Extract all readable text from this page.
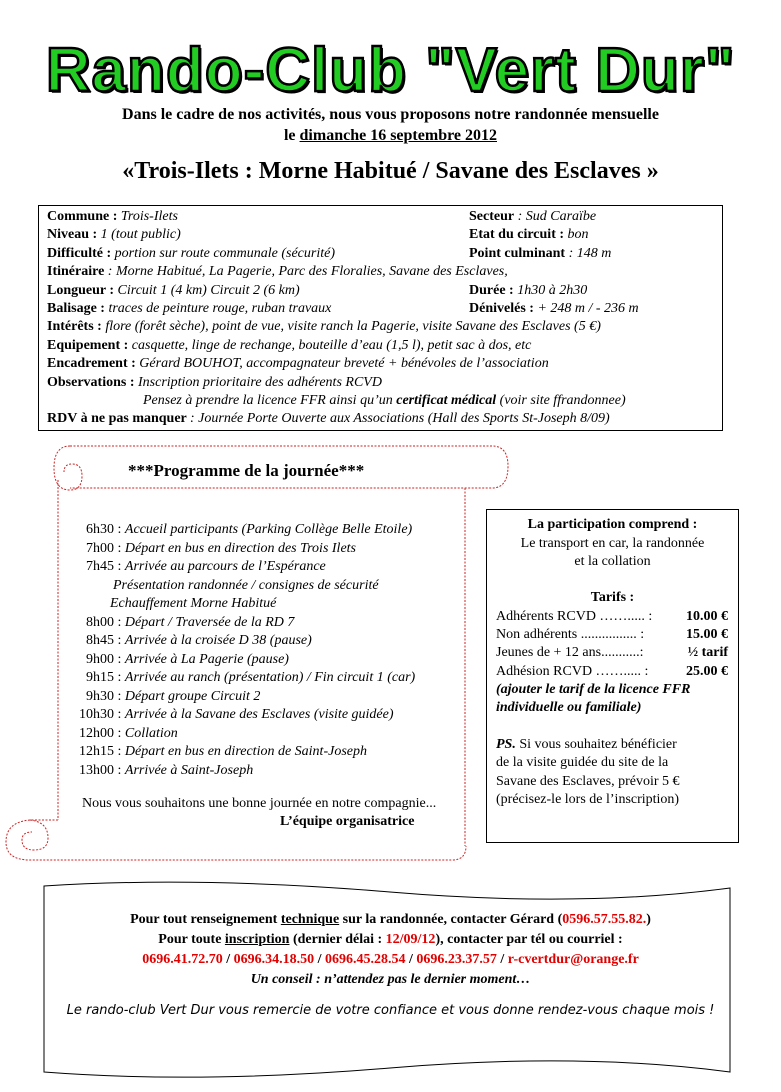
Rando-Club "Vert Dur"
Dans le cadre de nos activités, nous vous proposons notre randonnée mensuelle
le dimanche 16 septembre 2012
«Trois-Ilets : Morne Habitué / Savane des Esclaves »
Commune : Trois-Ilets	Secteur : Sud Caraïbe
Niveau : 1 (tout public)	Etat du circuit : bon
Difficulté : portion sur route communale (sécurité)	Point culminant : 148 m
Itinéraire : Morne Habitué, La Pagerie, Parc des Floralies, Savane des Esclaves,
Longueur : Circuit 1 (4 km) Circuit 2 (6 km)	Durée : 1h30 à 2h30
Balisage : traces de peinture rouge, ruban travaux	Dénivelés : + 248 m / - 236 m
Intérêts : flore (forêt sèche), point de vue, visite ranch la Pagerie, visite Savane des Esclaves (5 €)
Equipement : casquette, linge de rechange, bouteille d’eau (1,5 l), petit sac à dos, etc
Encadrement : Gérard BOUHOT, accompagnateur breveté + bénévoles de l’association
Observations : Inscription prioritaire des adhérents RCVD
Pensez à prendre la licence FFR ainsi qu’un certificat médical (voir site ffrandonnee)
RDV à ne pas manquer : Journée Porte Ouverte aux Associations (Hall des Sports St-Joseph 8/09)
***Programme de la journée***
6h30 : Accueil participants (Parking Collège Belle Etoile)
7h00 : Départ en bus en direction des Trois Ilets
7h45 : Arrivée au parcours de l’Espérance
Présentation randonnée / consignes de sécurité
Echauffement Morne Habitué
8h00 : Départ / Traversée de la RD 7
8h45 : Arrivée à la croisée D 38 (pause)
9h00 : Arrivée à La Pagerie (pause)
9h15 : Arrivée au ranch (présentation) / Fin circuit 1 (car)
9h30 : Départ groupe Circuit 2
10h30 : Arrivée à la Savane des Esclaves (visite guidée)
12h00 : Collation
12h15 : Départ en bus en direction de Saint-Joseph
13h00 : Arrivée à Saint-Joseph
Nous vous souhaitons une bonne journée en notre compagnie...
L’équipe organisatrice
La participation comprend :
Le transport en car, la randonnée
et la collation
Tarifs :
Adhérents RCVD ……..... : 10.00 €
Non adhérents ................ :	15.00 €
Jeunes de + 12 ans...........:	½ tarif
Adhésion RCVD ……..... :	25.00 €
(ajouter le tarif de la licence FFR
individuelle ou familiale)
PS. Si vous souhaitez bénéficier
de la visite guidée du site de la
Savane des Esclaves, prévoir 5 €
(précisez-le lors de l’inscription)
Pour tout renseignement technique sur la randonnée, contacter Gérard (0596.57.55.82.)
Pour toute inscription (dernier délai : 12/09/12), contacter par tél ou courriel :
0696.41.72.70 / 0696.34.18.50 / 0696.45.28.54 / 0696.23.37.57 / r-cvertdur@orange.fr
Un conseil : n’attendez pas le dernier moment…
Le rando-club Vert Dur vous remercie de votre confiance et vous donne rendez-vous chaque mois !
